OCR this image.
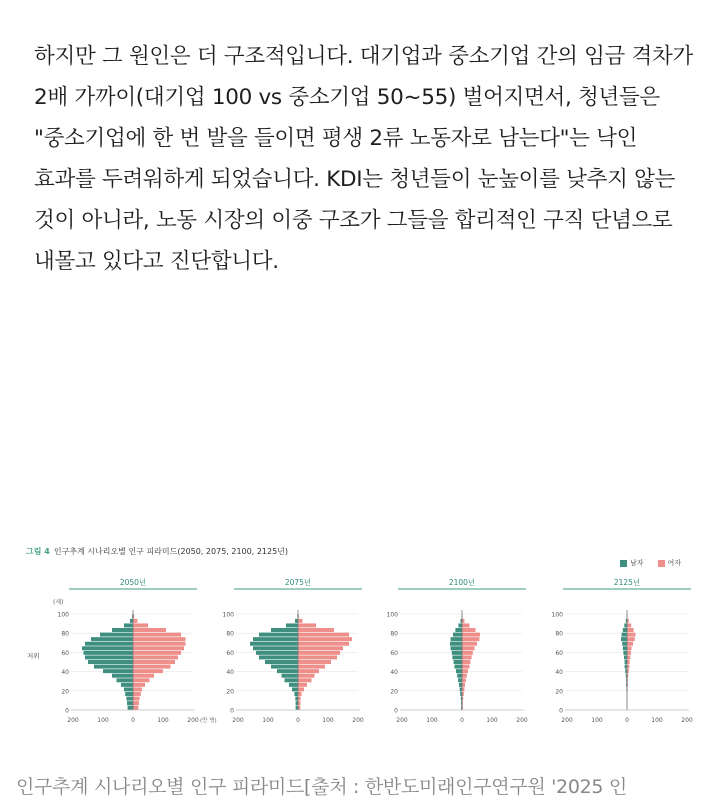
하지만 그 원인은 더 구조적입니다. 대기업과 중소기업 간의 임금 격차가 2배 가까이(대기업 100 vs 중소기업 50~55) 벌어지면서, 청년들은 "중소기업에 한 번 발을 들이면 평생 2류 노동자로 남는다"는 낙인 효과를 두려워하게 되었습니다. KDI는 청년들이 눈높이를 낮추지 않는 것이 아니라, 노동 시장의 이중 구조가 그들을 합리적인 구직 단념으로 내몰고 있다고 진단합니다.

그림 4 인구추계 시나리오별 인구 피라미드(2050, 2075, 2100, 2125년)
남자	여자
2050년
0
20
40
60
80
100
200	100	0	100	200
2075년
0
20
40
60
80
100
200	100	0	100	200
2100년
0
20
40
60
80
100
200	100	0	100	200
2125년
0
20
40
60
80
100
200	100	0	100	200
(세)
저위
(만 명)
인구추계 시나리오별 인구 피라미드[출처 : 한반도미래인구연구원 '2025 인
